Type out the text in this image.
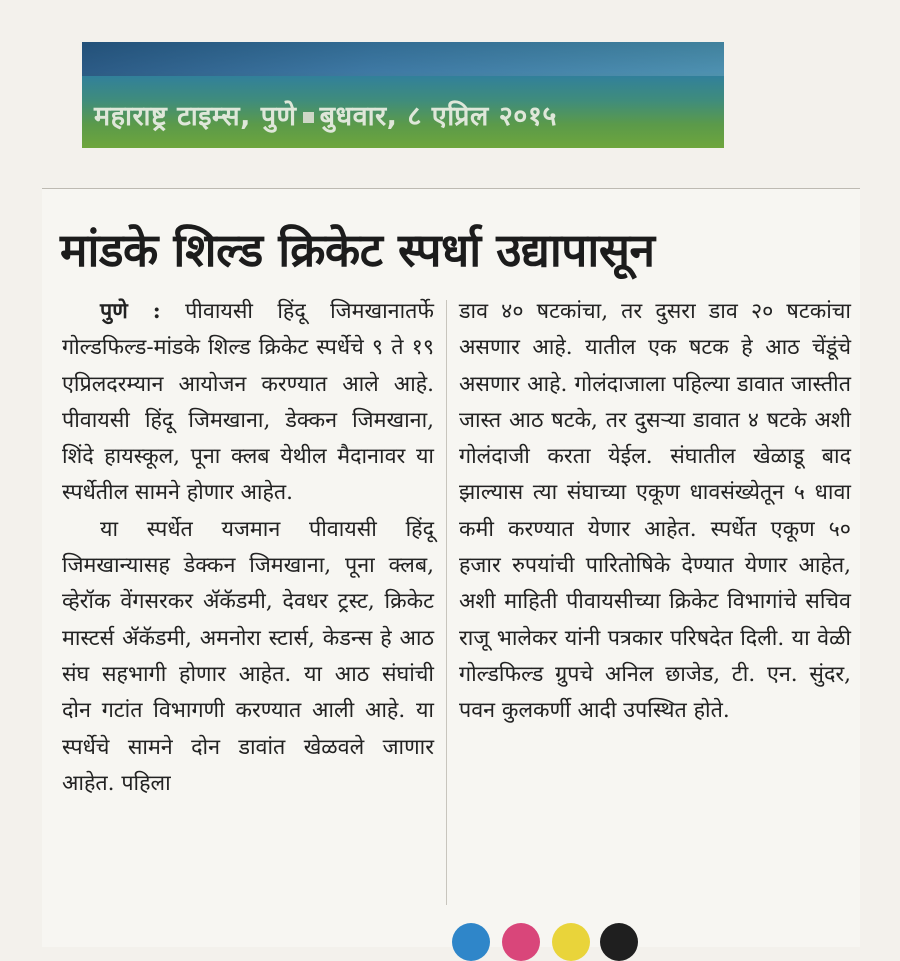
महाराष्ट्र टाइम्स, पुणे बुधवार, ८ एप्रिल २०१५
मांडके शिल्ड क्रिकेट स्पर्धा उद्यापासून

पुणे : पीवायसी हिंदू जिमखानातर्फे गोल्डफिल्ड-मांडके शिल्ड क्रिकेट स्पर्धेचे ९ ते १९ एप्रिलदरम्यान आयोजन करण्यात आले आहे. पीवायसी हिंदू जिमखाना, डेक्कन जिमखाना, शिंदे हायस्कूल, पूना क्लब येथील मैदानावर या स्पर्धेतील सामने होणार आहेत.

या स्पर्धेत यजमान पीवायसी हिंदू जिमखान्यासह डेक्कन जिमखाना, पूना क्लब, व्हेरॉक वेंगसरकर ॲकॅडमी, देवधर ट्रस्ट, क्रिकेट मास्टर्स ॲकॅडमी, अमनोरा स्टार्स, केडन्स हे आठ संघ सहभागी होणार आहेत. या आठ संघांची दोन गटांत विभागणी करण्यात आली आहे. या स्पर्धेचे सामने दोन डावांत खेळवले जाणार आहेत. पहिला

डाव ४० षटकांचा, तर दुसरा डाव २० षटकांचा असणार आहे. यातील एक षटक हे आठ चेंडूंचे असणार आहे. गोलंदाजाला पहिल्या डावात जास्तीत जास्त आठ षटके, तर दुसऱ्या डावात ४ षटके अशी गोलंदाजी करता येईल. संघातील खेळाडू बाद झाल्यास त्या संघाच्या एकूण धावसंख्येतून ५ धावा कमी करण्यात येणार आहेत. स्पर्धेत एकूण ५० हजार रुपयांची पारितोषिके देण्यात येणार आहेत, अशी माहिती पीवायसीच्या क्रिकेट विभागांचे सचिव राजू भालेकर यांनी पत्रकार परिषदेत दिली. या वेळी गोल्डफिल्ड ग्रुपचे अनिल छाजेड, टी. एन. सुंदर, पवन कुलकर्णी आदी उपस्थित होते.
